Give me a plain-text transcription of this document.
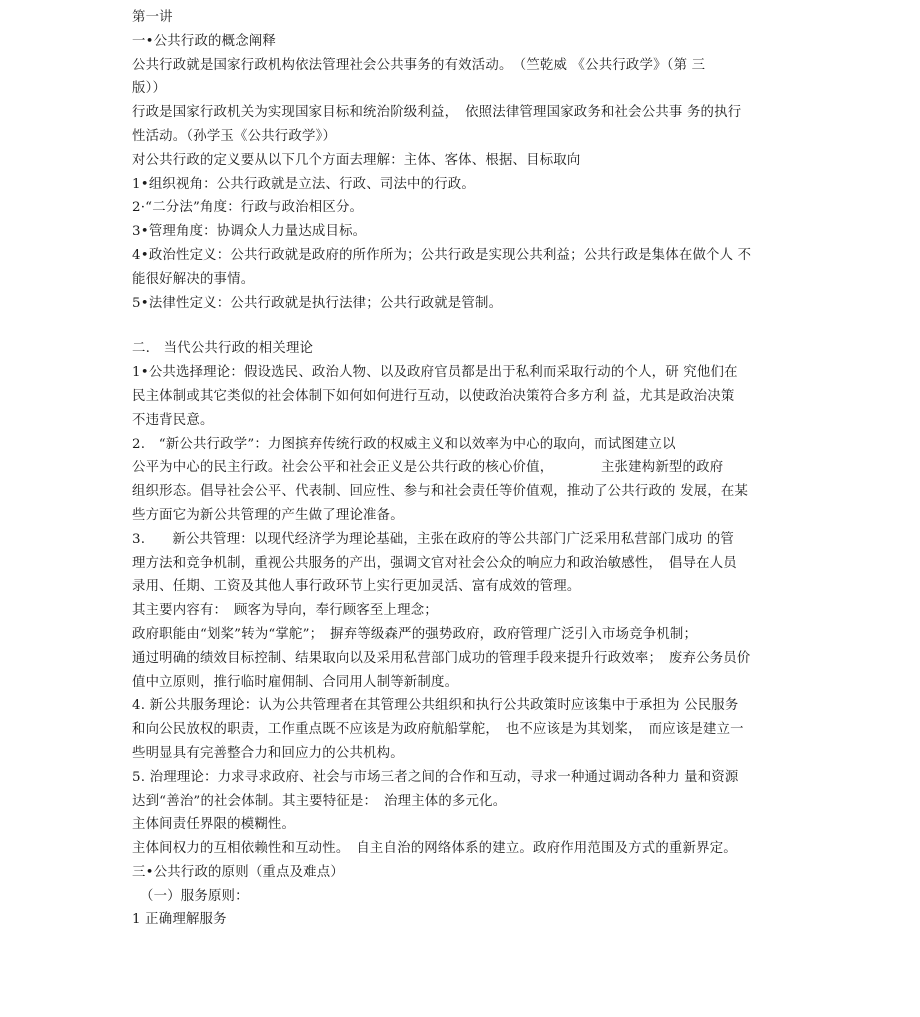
第一讲
一•公共行政的概念阐释
公共行政就是国家行政机构依法管理社会公共事务的有效活动。　（竺乾威 《公共行政学》（第 三
版））
行政是国家行政机关为实现国家目标和统治阶级利益，　依照法律管理国家政务和社会公共事 务的执行
性活动。（孙学玉《公共行政学》）
对公共行政的定义要从以下几个方面去理解：主体、客体、根据、目标取向
1•组织视角：公共行政就是立法、行政、司法中的行政。
2·“二分法”角度：行政与政治相区分。
3•管理角度：协调众人力量达成目标。
4•政治性定义：公共行政就是政府的所作所为；公共行政是实现公共利益；公共行政是集体在做个人 不
能很好解决的事情。
5•法律性定义：公共行政就是执行法律；公共行政就是管制。
二.　当代公共行政的相关理论
1•公共选择理论：假设选民、政治人物、以及政府官员都是出于私利而采取行动的个人，研 究他们在
民主体制或其它类似的社会体制下如何如何进行互动，以使政治决策符合多方利 益，尤其是政治决策
不违背民意。
2.　“新公共行政学”：力图摈弃传统行政的权威主义和以效率为中心的取向，而试图建立以
公平为中心的民主行政。社会公平和社会正义是公共行政的核心价值，　　　　主张建构新型的政府
组织形态。倡导社会公平、代表制、回应性、参与和社会责任等价值观，推动了公共行政的 发展，在某
些方面它为新公共管理的产生做了理论准备。
3.　　新公共管理：以现代经济学为理论基础，主张在政府的等公共部门广泛采用私营部门成功 的管
理方法和竞争机制，重视公共服务的产出，强调文官对社会公众的响应力和政治敏感性，　倡导在人员
录用、任期、工资及其他人事行政环节上实行更加灵活、富有成效的管理。
其主要内容有：　顾客为导向，奉行顾客至上理念；
政府职能由“划桨”转为“掌舵”；　摒弃等级森严的强势政府，政府管理广泛引入市场竞争机制；
通过明确的绩效目标控制、结果取向以及采用私营部门成功的管理手段来提升行政效率；　废弃公务员价
值中立原则，推行临时雇佣制、合同用人制等新制度。
4. 新公共服务理论：认为公共管理者在其管理公共组织和执行公共政策时应该集中于承担为 公民服务
和向公民放权的职责，工作重点既不应该是为政府航船掌舵，　也不应该是为其划桨，　而应该是建立一
些明显具有完善整合力和回应力的公共机构。
5. 治理理论：力求寻求政府、社会与市场三者之间的合作和互动，寻求一种通过调动各种力 量和资源
达到“善治”的社会体制。其主要特征是：　治理主体的多元化。
主体间责任界限的模糊性。
主体间权力的互相依赖性和互动性。　自主自治的网络体系的建立。政府作用范围及方式的重新界定。
三•公共行政的原则（重点及难点）
（一）服务原则：
1 正确理解服务
